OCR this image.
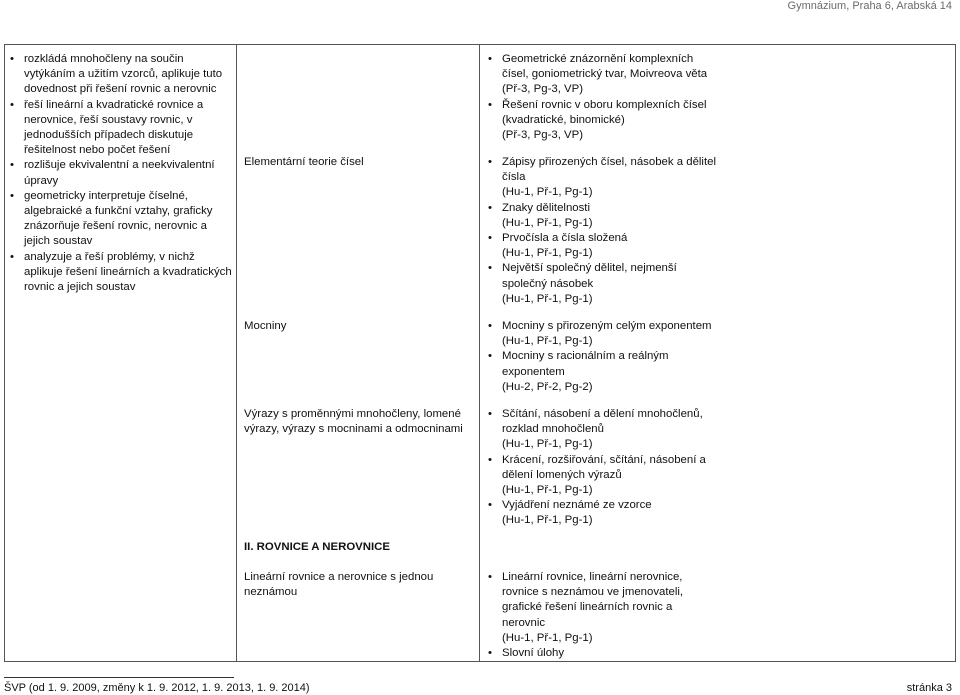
Gymnázium, Praha 6, Arabská 14
• rozkládá mnohočleny na součin vytýkáním a užitím vzorců, aplikuje tuto dovednost při řešení rovnic a nerovnic
• řeší lineární a kvadratické rovnice a nerovnice, řeší soustavy rovnic, v jednodušších případech diskutuje řešitelnost nebo počet řešení
• rozlišuje ekvivalentní a neekvivalentní úpravy
• geometricky interpretuje číselné, algebraické a funkční vztahy, graficky znázorňuje řešení rovnic, nerovnic a jejich soustav
• analyzuje a řeší problémy, v nichž aplikuje řešení lineárních a kvadratických rovnic a jejich soustav
Elementární teorie čísel
Mocniny
Výrazy s proměnnými mnohočleny, lomené výrazy, výrazy s mocninami a odmocninami
II. ROVNICE A NEROVNICE
Lineární rovnice a nerovnice s jednou neznámou
• Geometrické znázornění komplexních čísel, goniometrický tvar, Moivreova věta
(Př-3, Pg-3, VP)
• Řešení rovnic v oboru komplexních čísel (kvadratické, binomické)
(Př-3, Pg-3, VP)
• Zápisy přirozených čísel, násobek a dělitel čísla
(Hu-1, Př-1, Pg-1)
• Znaky dělitelnosti
(Hu-1, Př-1, Pg-1)
• Prvočísla a čísla složená
(Hu-1, Př-1, Pg-1)
• Největší společný dělitel, nejmenší společný násobek
(Hu-1, Př-1, Pg-1)
• Mocniny s přirozeným celým exponentem
(Hu-1, Př-1, Pg-1)
• Mocniny s racionálním a reálným exponentem
(Hu-2, Př-2, Pg-2)
• Sčítání, násobení a dělení mnohočlenů, rozklad mnohočlenů
(Hu-1, Př-1, Pg-1)
• Krácení, rozšiřování, sčítání, násobení a dělení lomených výrazů
(Hu-1, Př-1, Pg-1)
• Vyjádření neznámé ze vzorce
(Hu-1, Př-1, Pg-1)
• Lineární rovnice, lineární nerovnice, rovnice s neznámou ve jmenovateli, grafické řešení lineárních rovnic a nerovnic
(Hu-1, Př-1, Pg-1)
• Slovní úlohy
ŠVP (od 1. 9. 2009, změny k 1. 9. 2012, 1. 9. 2013, 1. 9. 2014)	stránka 3
